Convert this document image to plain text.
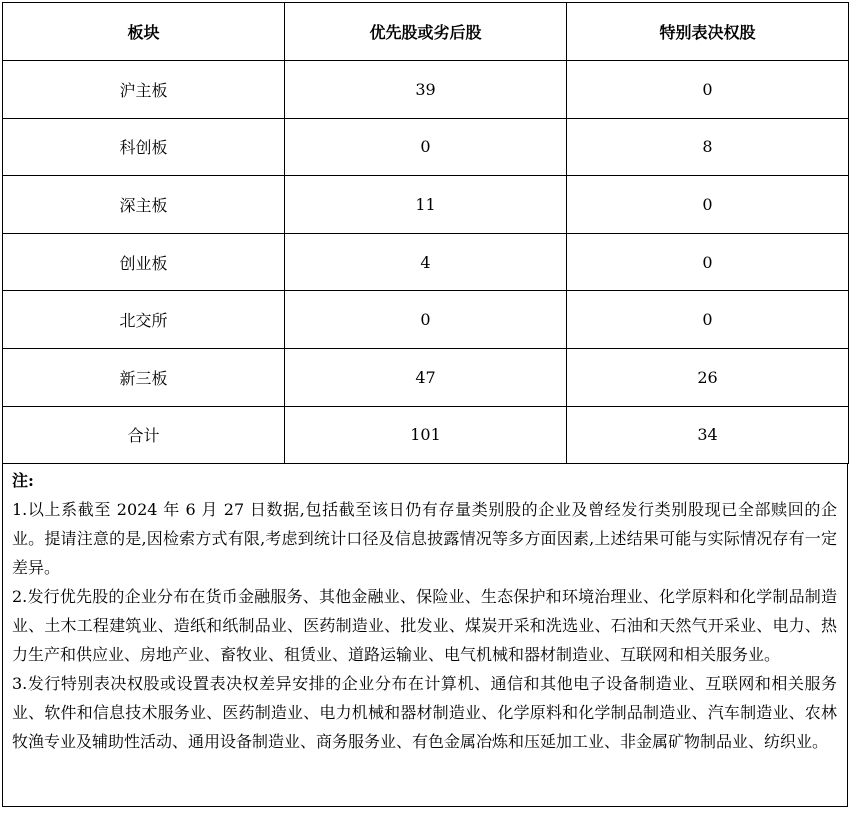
板块	优先股或劣后股	特别表决权股
沪主板	39	0
科创板	0	8
深主板	11	0
创业板	4	0
北交所	0	0
新三板	47	26
合计	101	34
注:
1.以上系截至 2024 年 6 月 27 日数据,包括截至该日仍有存量类别股的企业及曾经发行类别股现已全部赎回的企业。提请注意的是,因检索方式有限,考虑到统计口径及信息披露情况等多方面因素,上述结果可能与实际情况存有一定差异。
2.发行优先股的企业分布在货币金融服务、其他金融业、保险业、生态保护和环境治理业、化学原料和化学制品制造业、土木工程建筑业、造纸和纸制品业、医药制造业、批发业、煤炭开采和洗选业、石油和天然气开采业、电力、热力生产和供应业、房地产业、畜牧业、租赁业、道路运输业、电气机械和器材制造业、互联网和相关服务业。
3.发行特别表决权股或设置表决权差异安排的企业分布在计算机、通信和其他电子设备制造业、互联网和相关服务业、软件和信息技术服务业、医药制造业、电力机械和器材制造业、化学原料和化学制品制造业、汽车制造业、农林牧渔专业及辅助性活动、通用设备制造业、商务服务业、有色金属冶炼和压延加工业、非金属矿物制品业、纺织业。
